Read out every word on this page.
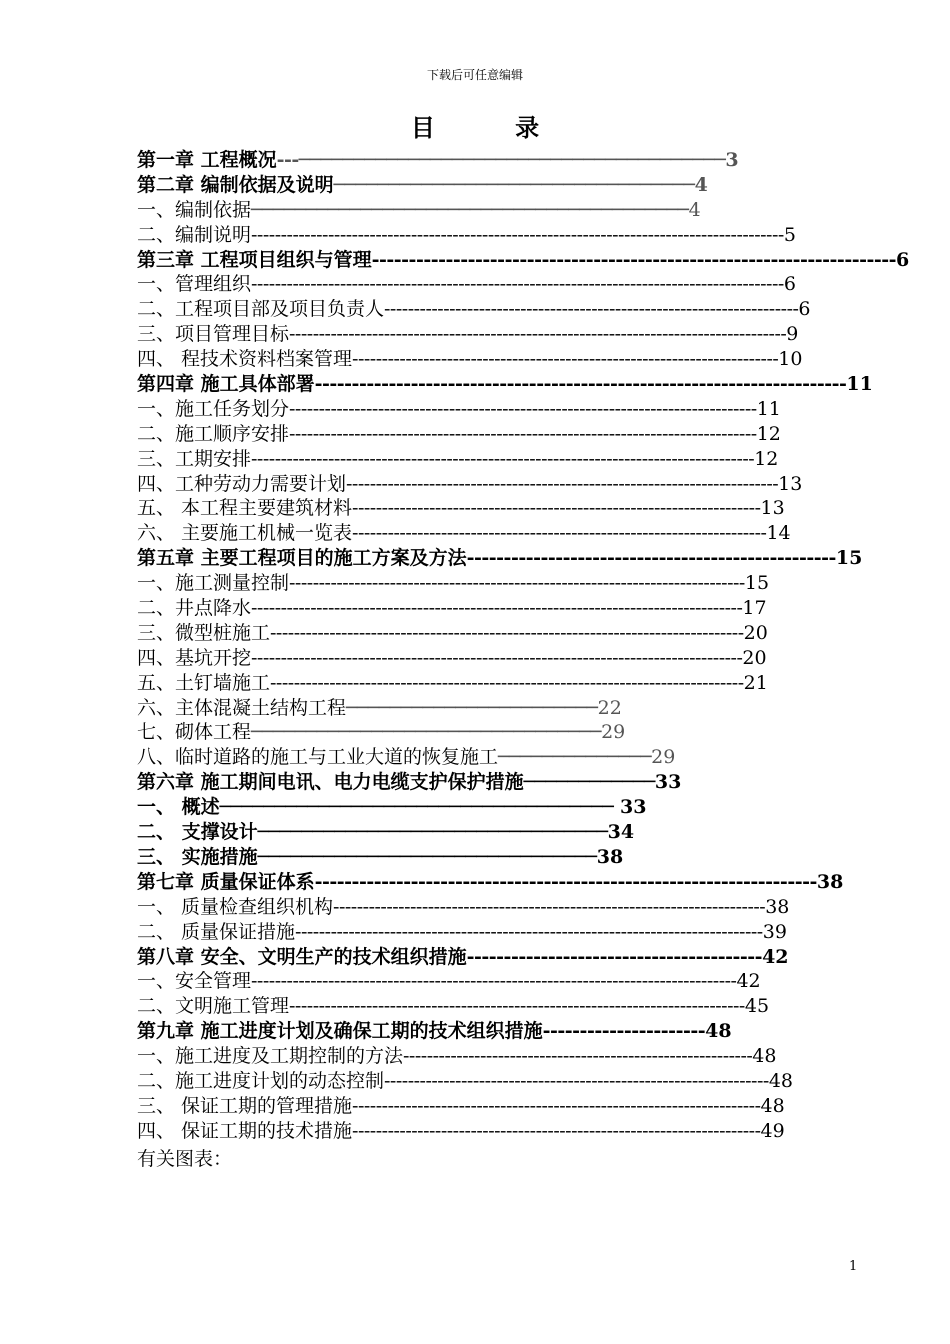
下载后可任意编辑
目 录
第一章 工程概况---───────────────────────────────────────3
第二章 编制依据及说明─────────────────────────────────4
一、编制依据────────────────────────────────────────4
二、编制说明------------------------------------------------------------------------------------------5
第三章 工程项目组织与管理-----------------------------------------------------------------------6
一、管理组织------------------------------------------------------------------------------------------6
二、工程项目部及项目负责人----------------------------------------------------------------------6
三、项目管理目标------------------------------------------------------------------------------------9
四、 程技术资料档案管理------------------------------------------------------------------------10
第四章 施工具体部署------------------------------------------------------------------------11
一、施工任务划分-------------------------------------------------------------------------------11
二、施工顺序安排-------------------------------------------------------------------------------12
三、工期安排-------------------------------------------------------------------------------------12
四、工种劳动力需要计划-------------------------------------------------------------------------13
五、 本工程主要建筑材料---------------------------------------------------------------------13
六、 主要施工机械一览表----------------------------------------------------------------------14
第五章 主要工程项目的施工方案及方法--------------------------------------------------15
一、施工测量控制-----------------------------------------------------------------------------15
二、井点降水-----------------------------------------------------------------------------------17
三、微型桩施工--------------------------------------------------------------------------------20
四、基坑开挖-----------------------------------------------------------------------------------20
五、土钉墙施工--------------------------------------------------------------------------------21
六、主体混凝土结构工程───────────────────────22
七、砌体工程────────────────────────────────29
八、临时道路的施工与工业大道的恢复施工──────────────29
第六章 施工期间电讯、电力电缆支护保护措施────────────33
一、 概述──────────────────────────────────── 33
二、 支撑设计────────────────────────────────34
三、 实施措施───────────────────────────────38
第七章 质量保证体系--------------------------------------------------------------------38
一、 质量检查组织机构-------------------------------------------------------------------------38
二、 质量保证措施-------------------------------------------------------------------------------39
第八章 安全、文明生产的技术组织措施----------------------------------------42
一、安全管理----------------------------------------------------------------------------------42
二、文明施工管理-----------------------------------------------------------------------------45
第九章 施工进度计划及确保工期的技术组织措施----------------------48
一、施工进度及工期控制的方法-----------------------------------------------------------48
二、施工进度计划的动态控制-----------------------------------------------------------------48
三、 保证工期的管理措施---------------------------------------------------------------------48
四、 保证工期的技术措施---------------------------------------------------------------------49
有关图表：
1
